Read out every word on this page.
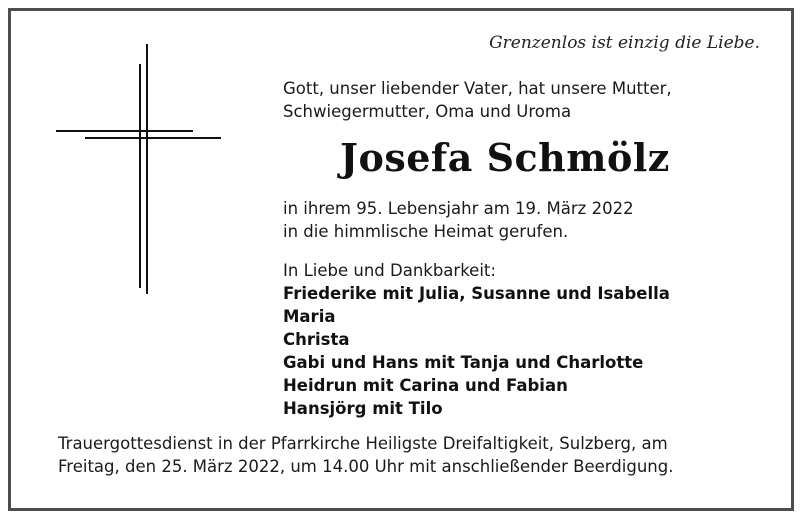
Grenzenlos ist einzig die Liebe.
Gott, unser liebender Vater, hat unsere Mutter,
Schwiegermutter, Oma und Uroma
Josefa Schmölz
in ihrem 95. Lebensjahr am 19. März 2022
in die himmlische Heimat gerufen.
In Liebe und Dankbarkeit:
Friederike mit Julia, Susanne und Isabella
Maria
Christa
Gabi und Hans mit Tanja und Charlotte
Heidrun mit Carina und Fabian
Hansjörg mit Tilo
Trauergottesdienst in der Pfarrkirche Heiligste Dreifaltigkeit, Sulzberg, am
Freitag, den 25. März 2022, um 14.00 Uhr mit anschließender Beerdigung.
